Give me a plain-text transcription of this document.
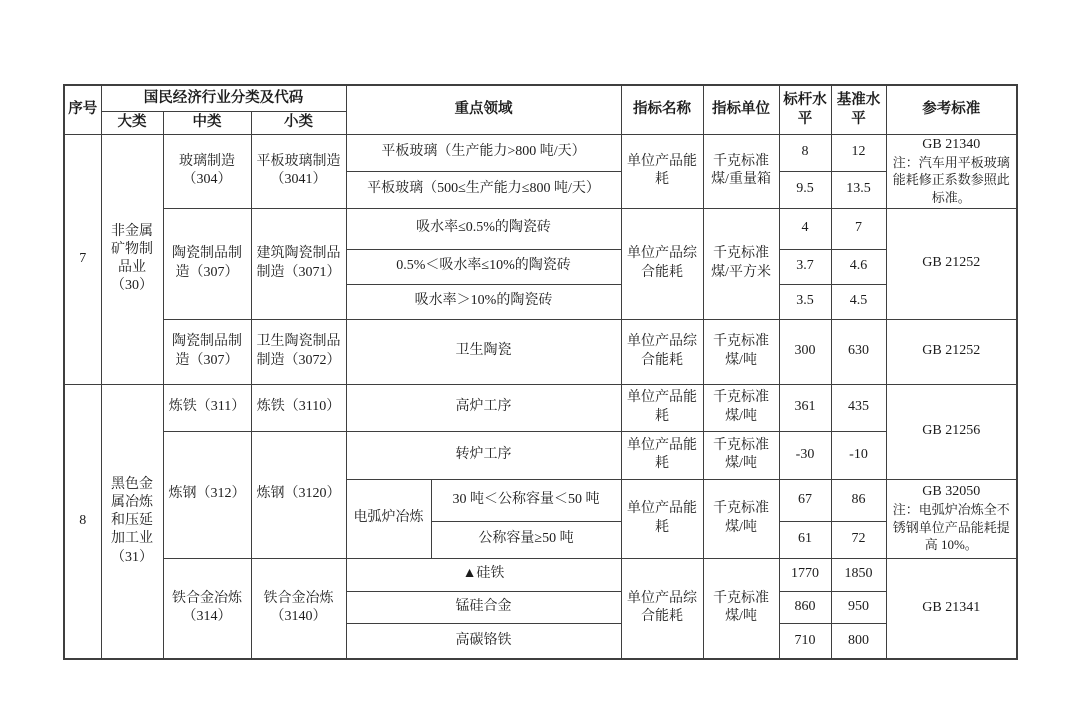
序号	国民经济行业分类及代码			重点领域		指标名称	指标单位	标杆水平	基准水平	参考标准
	大类	中类	小类							
7	非金属矿物制品业（30）	玻璃制造（304）	平板玻璃制造（3041）	平板玻璃（生产能力>800 吨/天）		单位产品能耗	千克标准煤/重量箱	8	12	GB 21340
注：汽车用平板玻璃能耗修正系数参照此标准。

				平板玻璃（500≤生产能力≤800 吨/天）				9.5	13.5	
		陶瓷制品制造（307）	建筑陶瓷制品制造（3071）	吸水率≤0.5%的陶瓷砖		单位产品综合能耗	千克标准煤/平方米	4	7	GB 21252

				0.5%＜吸水率≤10%的陶瓷砖				3.7	4.6	
				吸水率＞10%的陶瓷砖				3.5	4.5	
		陶瓷制品制造（307）	卫生陶瓷制品制造（3072）	卫生陶瓷		单位产品综合能耗	千克标准煤/吨	300	630	GB 21252

8	黑色金属冶炼和压延加工业（31）	炼铁（311）	炼铁（3110）	高炉工序		单位产品能耗	千克标准煤/吨	361	435	GB 21256

		炼钢（312）	炼钢（3120）	转炉工序		单位产品能耗	千克标准煤/吨	-30	-10	
				电弧炉冶炼	30 吨＜公称容量＜50 吨	单位产品能耗	千克标准煤/吨	67	86	GB 32050
注：电弧炉冶炼全不锈钢单位产品能耗提高 10%。

					公称容量≥50 吨			61	72	
		铁合金冶炼（314）	铁合金冶炼（3140）	▲硅铁		单位产品综合能耗	千克标准煤/吨	1770	1850	GB 21341

				锰硅合金				860	950	
				高碳铬铁				710	800	
